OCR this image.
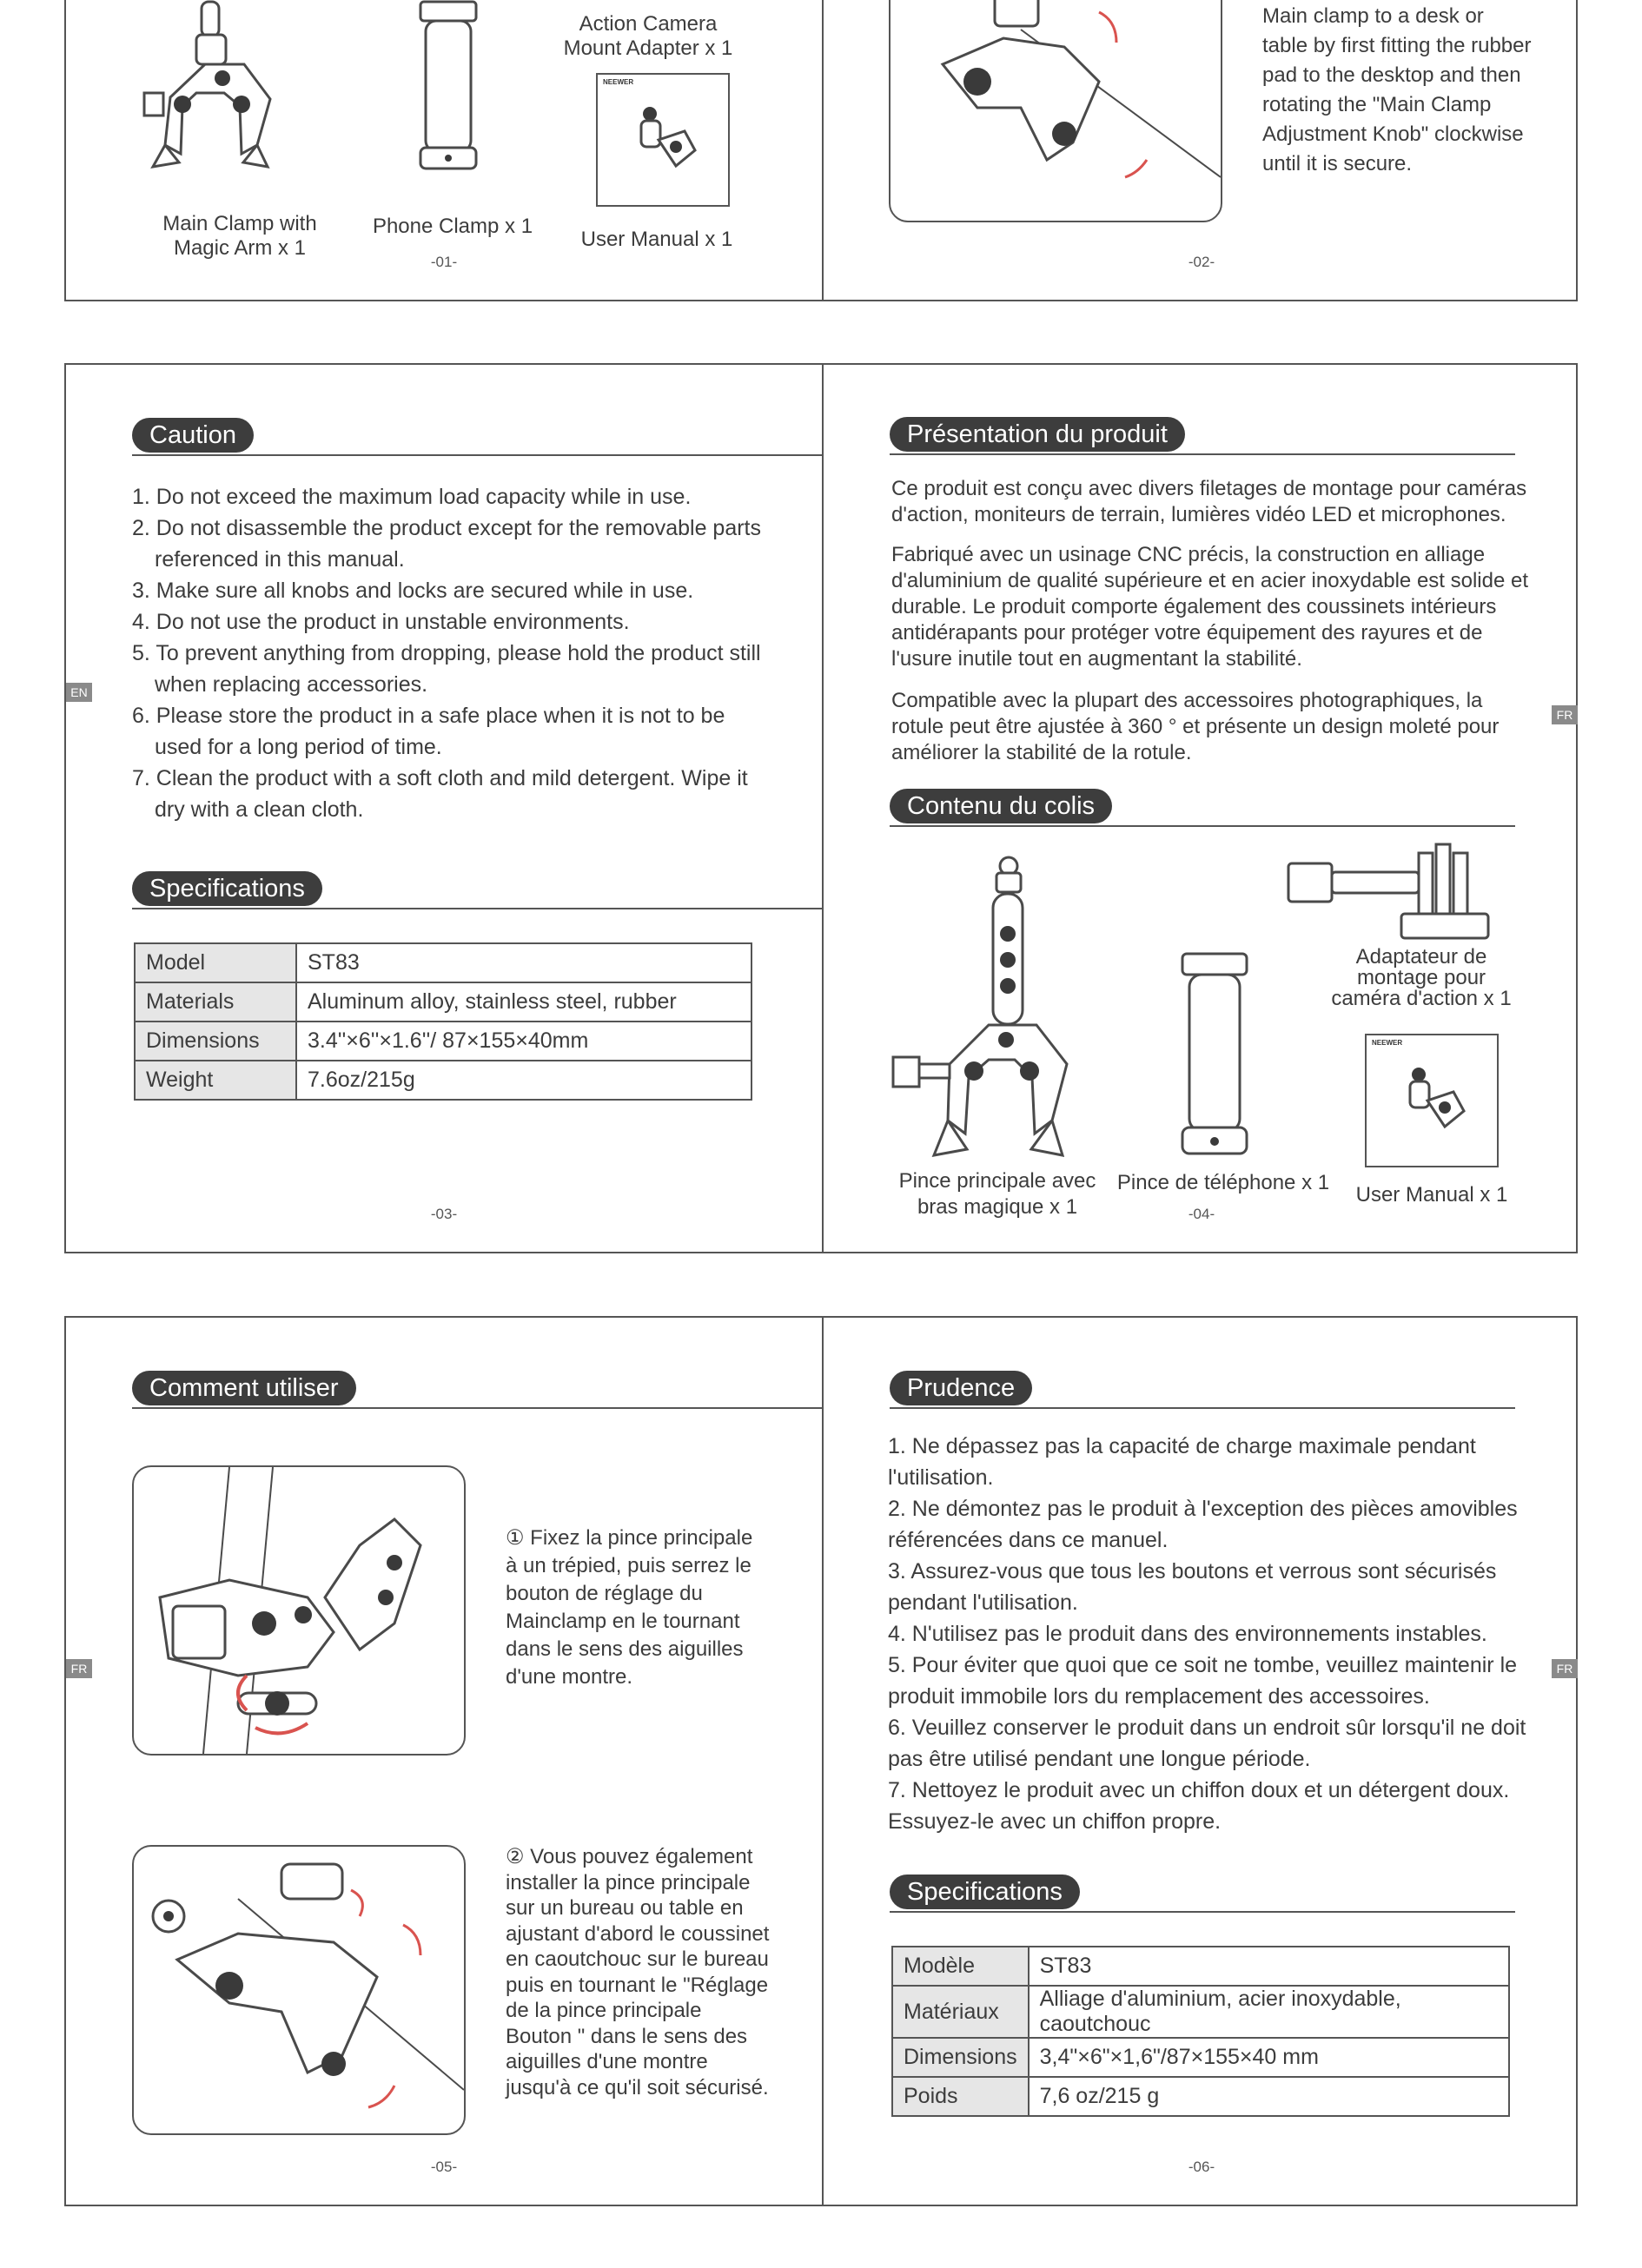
NEEWER
Action Camera Mount Adapter x 1
Main Clamp with Magic Arm x 1
Phone Clamp x 1
User Manual x 1
-01-
Main clamp to a desk or table by first fitting the rubber pad to the desktop and then rotating the "Main Clamp Adjustment Knob" clockwise until it is secure.
-02-
EN
Caution
1. Do not exceed the maximum load capacity while in use.
2. Do not disassemble the product except for the removable parts referenced in this manual.
3. Make sure all knobs and locks are secured while in use.
4. Do not use the product in unstable environments.
5. To prevent anything from dropping, please hold the product still when replacing accessories.
6. Please store the product in a safe place when it is not to be used for a long period of time.
7. Clean the product with a soft cloth and mild detergent. Wipe it dry with a clean cloth.
Specifications
Model	ST83
Materials	Aluminum alloy, stainless steel, rubber
Dimensions	3.4''×6''×1.6''/ 87×155×40mm
Weight	7.6oz/215g
-03-
FR
Présentation du produit
Ce produit est conçu avec divers filetages de montage pour caméras d'action, moniteurs de terrain, lumières vidéo LED et microphones.
Fabriqué avec un usinage CNC précis, la construction en alliage d'aluminium de qualité supérieure et en acier inoxydable est solide et durable. Le produit comporte également des coussinets intérieurs antidérapants pour protéger votre équipement des rayures et de l'usure inutile tout en augmentant la stabilité.
Compatible avec la plupart des accessoires photographiques, la rotule peut être ajustée à 360 ° et présente un design moleté pour améliorer la stabilité de la rotule.
Contenu du colis
NEEWER
Adaptateur de montage pour caméra d'action x 1
Pince principale avec bras magique x 1
Pince de téléphone x 1
User Manual x 1
-04-
FR
Comment utiliser
① Fixez la pince principale à un trépied, puis serrez le bouton de réglage du Mainclamp en le tournant dans le sens des aiguilles d'une montre.
② Vous pouvez également installer la pince principale sur un bureau ou table en ajustant d'abord le coussinet en caoutchouc sur le bureau puis en tournant le "Réglage de la pince principale Bouton " dans le sens des aiguilles d'une montre jusqu'à ce qu'il soit sécurisé.
-05-
FR
Prudence
1. Ne dépassez pas la capacité de charge maximale pendant l'utilisation.
2. Ne démontez pas le produit à l'exception des pièces amovibles référencées dans ce manuel.
3. Assurez-vous que tous les boutons et verrous sont sécurisés pendant l'utilisation.
4. N'utilisez pas le produit dans des environnements instables.
5. Pour éviter que quoi que ce soit ne tombe, veuillez maintenir le produit immobile lors du remplacement des accessoires.
6. Veuillez conserver le produit dans un endroit sûr lorsqu'il ne doit pas être utilisé pendant une longue période.
7. Nettoyez le produit avec un chiffon doux et un détergent doux. Essuyez-le avec un chiffon propre.
Specifications
Modèle	ST83
Matériaux	Alliage d'aluminium, acier inoxydable, caoutchouc
Dimensions	3,4"×6"×1,6"/87×155×40 mm
Poids	7,6 oz/215 g
-06-
